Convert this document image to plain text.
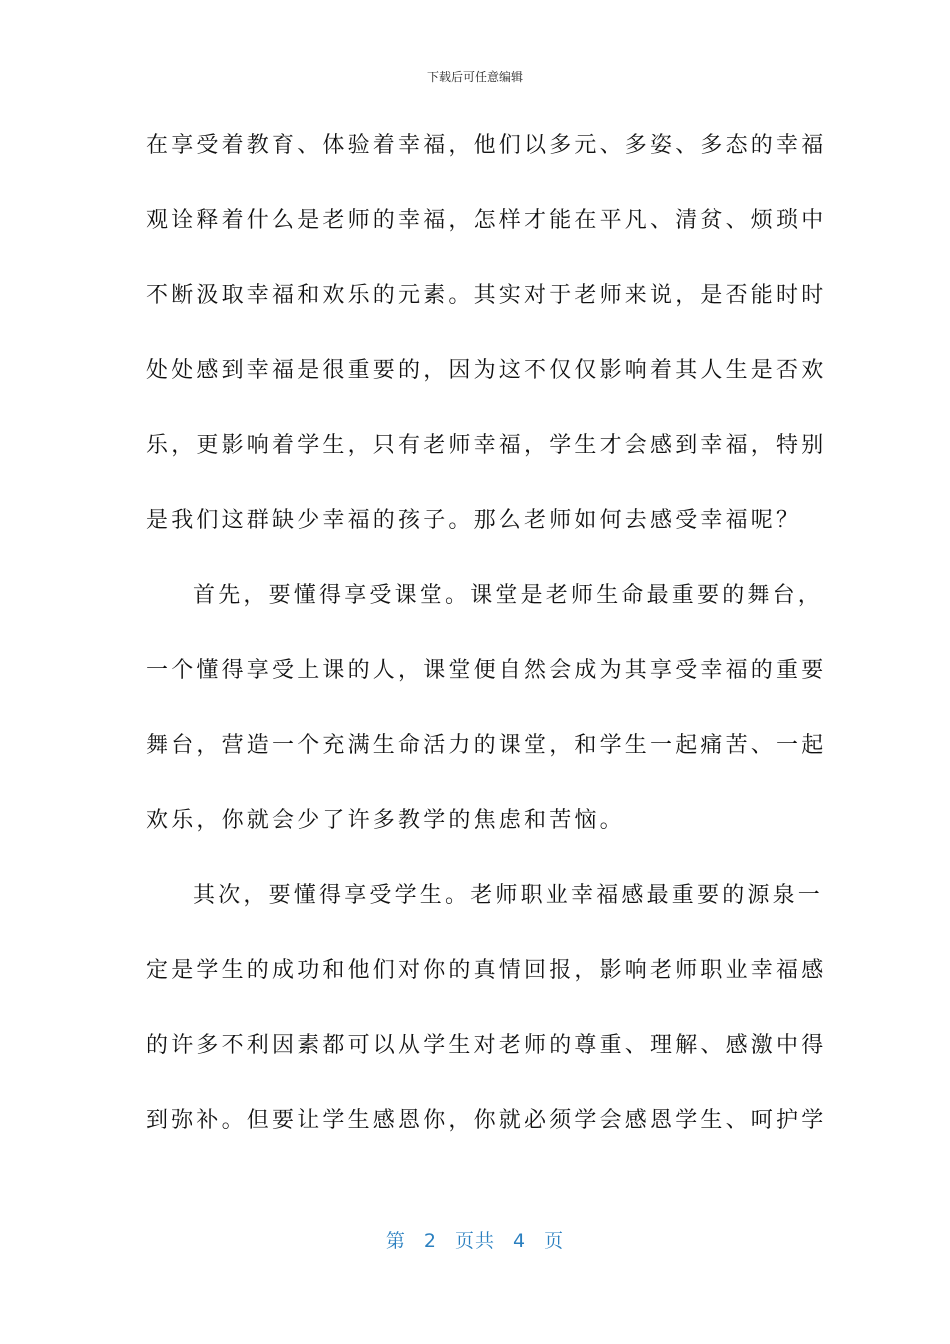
下载后可任意编辑
在享受着教育、体验着幸福，他们以多元、多姿、多态的幸福
观诠释着什么是老师的幸福，怎样才能在平凡、清贫、烦琐中
不断汲取幸福和欢乐的元素。其实对于老师来说，是否能时时
处处感到幸福是很重要的，因为这不仅仅影响着其人生是否欢
乐，更影响着学生，只有老师幸福，学生才会感到幸福，特别
是我们这群缺少幸福的孩子。那么老师如何去感受幸福呢？
首先，要懂得享受课堂。课堂是老师生命最重要的舞台，
一个懂得享受上课的人，课堂便自然会成为其享受幸福的重要
舞台，营造一个充满生命活力的课堂，和学生一起痛苦、一起
欢乐，你就会少了许多教学的焦虑和苦恼。
其次，要懂得享受学生。老师职业幸福感最重要的源泉一
定是学生的成功和他们对你的真情回报，影响老师职业幸福感
的许多不利因素都可以从学生对老师的尊重、理解、感激中得
到弥补。但要让学生感恩你，你就必须学会感恩学生、呵护学
第 2 页共 4 页
